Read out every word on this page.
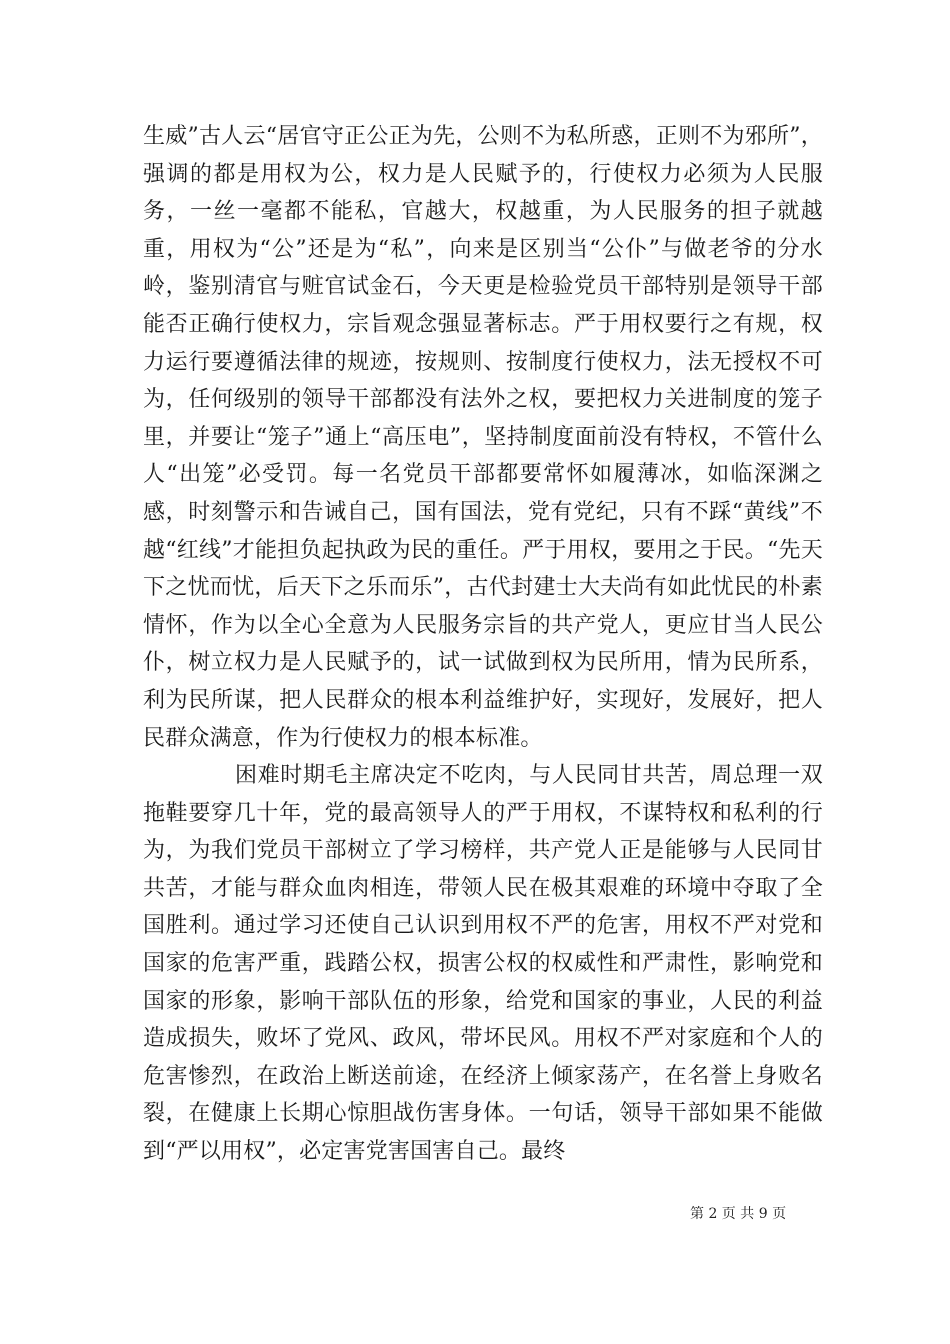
生威”古人云“居官守正公正为先，公则不为私所惑，正则不为邪所”，强调的都是用权为公，权力是人民赋予的，行使权力必须为人民服务，一丝一毫都不能私，官越大，权越重，为人民服务的担子就越重，用权为“公”还是为“私”，向来是区别当“公仆”与做老爷的分水岭，鉴别清官与赃官试金石，今天更是检验党员干部特别是领导干部能否正确行使权力，宗旨观念强显著标志。严于用权要行之有规，权力运行要遵循法律的规迹，按规则、按制度行使权力，法无授权不可为，任何级别的领导干部都没有法外之权，要把权力关进制度的笼子里，并要让“笼子”通上“高压电”，坚持制度面前没有特权，不管什么人“出笼”必受罚。每一名党员干部都要常怀如履薄冰，如临深渊之感，时刻警示和告诫自己，国有国法，党有党纪，只有不踩“黄线”不越“红线”才能担负起执政为民的重任。严于用权，要用之于民。“先天下之忧而忧，后天下之乐而乐”，古代封建士大夫尚有如此忧民的朴素情怀，作为以全心全意为人民服务宗旨的共产党人，更应甘当人民公仆，树立权力是人民赋予的，试一试做到权为民所用，情为民所系，利为民所谋，把人民群众的根本利益维护好，实现好，发展好，把人民群众满意，作为行使权力的根本标准。

困难时期毛主席决定不吃肉，与人民同甘共苦，周总理一双拖鞋要穿几十年，党的最高领导人的严于用权，不谋特权和私利的行为，为我们党员干部树立了学习榜样，共产党人正是能够与人民同甘共苦，才能与群众血肉相连，带领人民在极其艰难的环境中夺取了全国胜利。通过学习还使自己认识到用权不严的危害，用权不严对党和国家的危害严重，践踏公权，损害公权的权威性和严肃性，影响党和国家的形象，影响干部队伍的形象，给党和国家的事业，人民的利益造成损失，败坏了党风、政风，带坏民风。用权不严对家庭和个人的危害惨烈，在政治上断送前途，在经济上倾家荡产，在名誉上身败名裂，在健康上长期心惊胆战伤害身体。一句话，领导干部如果不能做到“严以用权”，必定害党害国害自己。最终

第 2 页 共 9 页
